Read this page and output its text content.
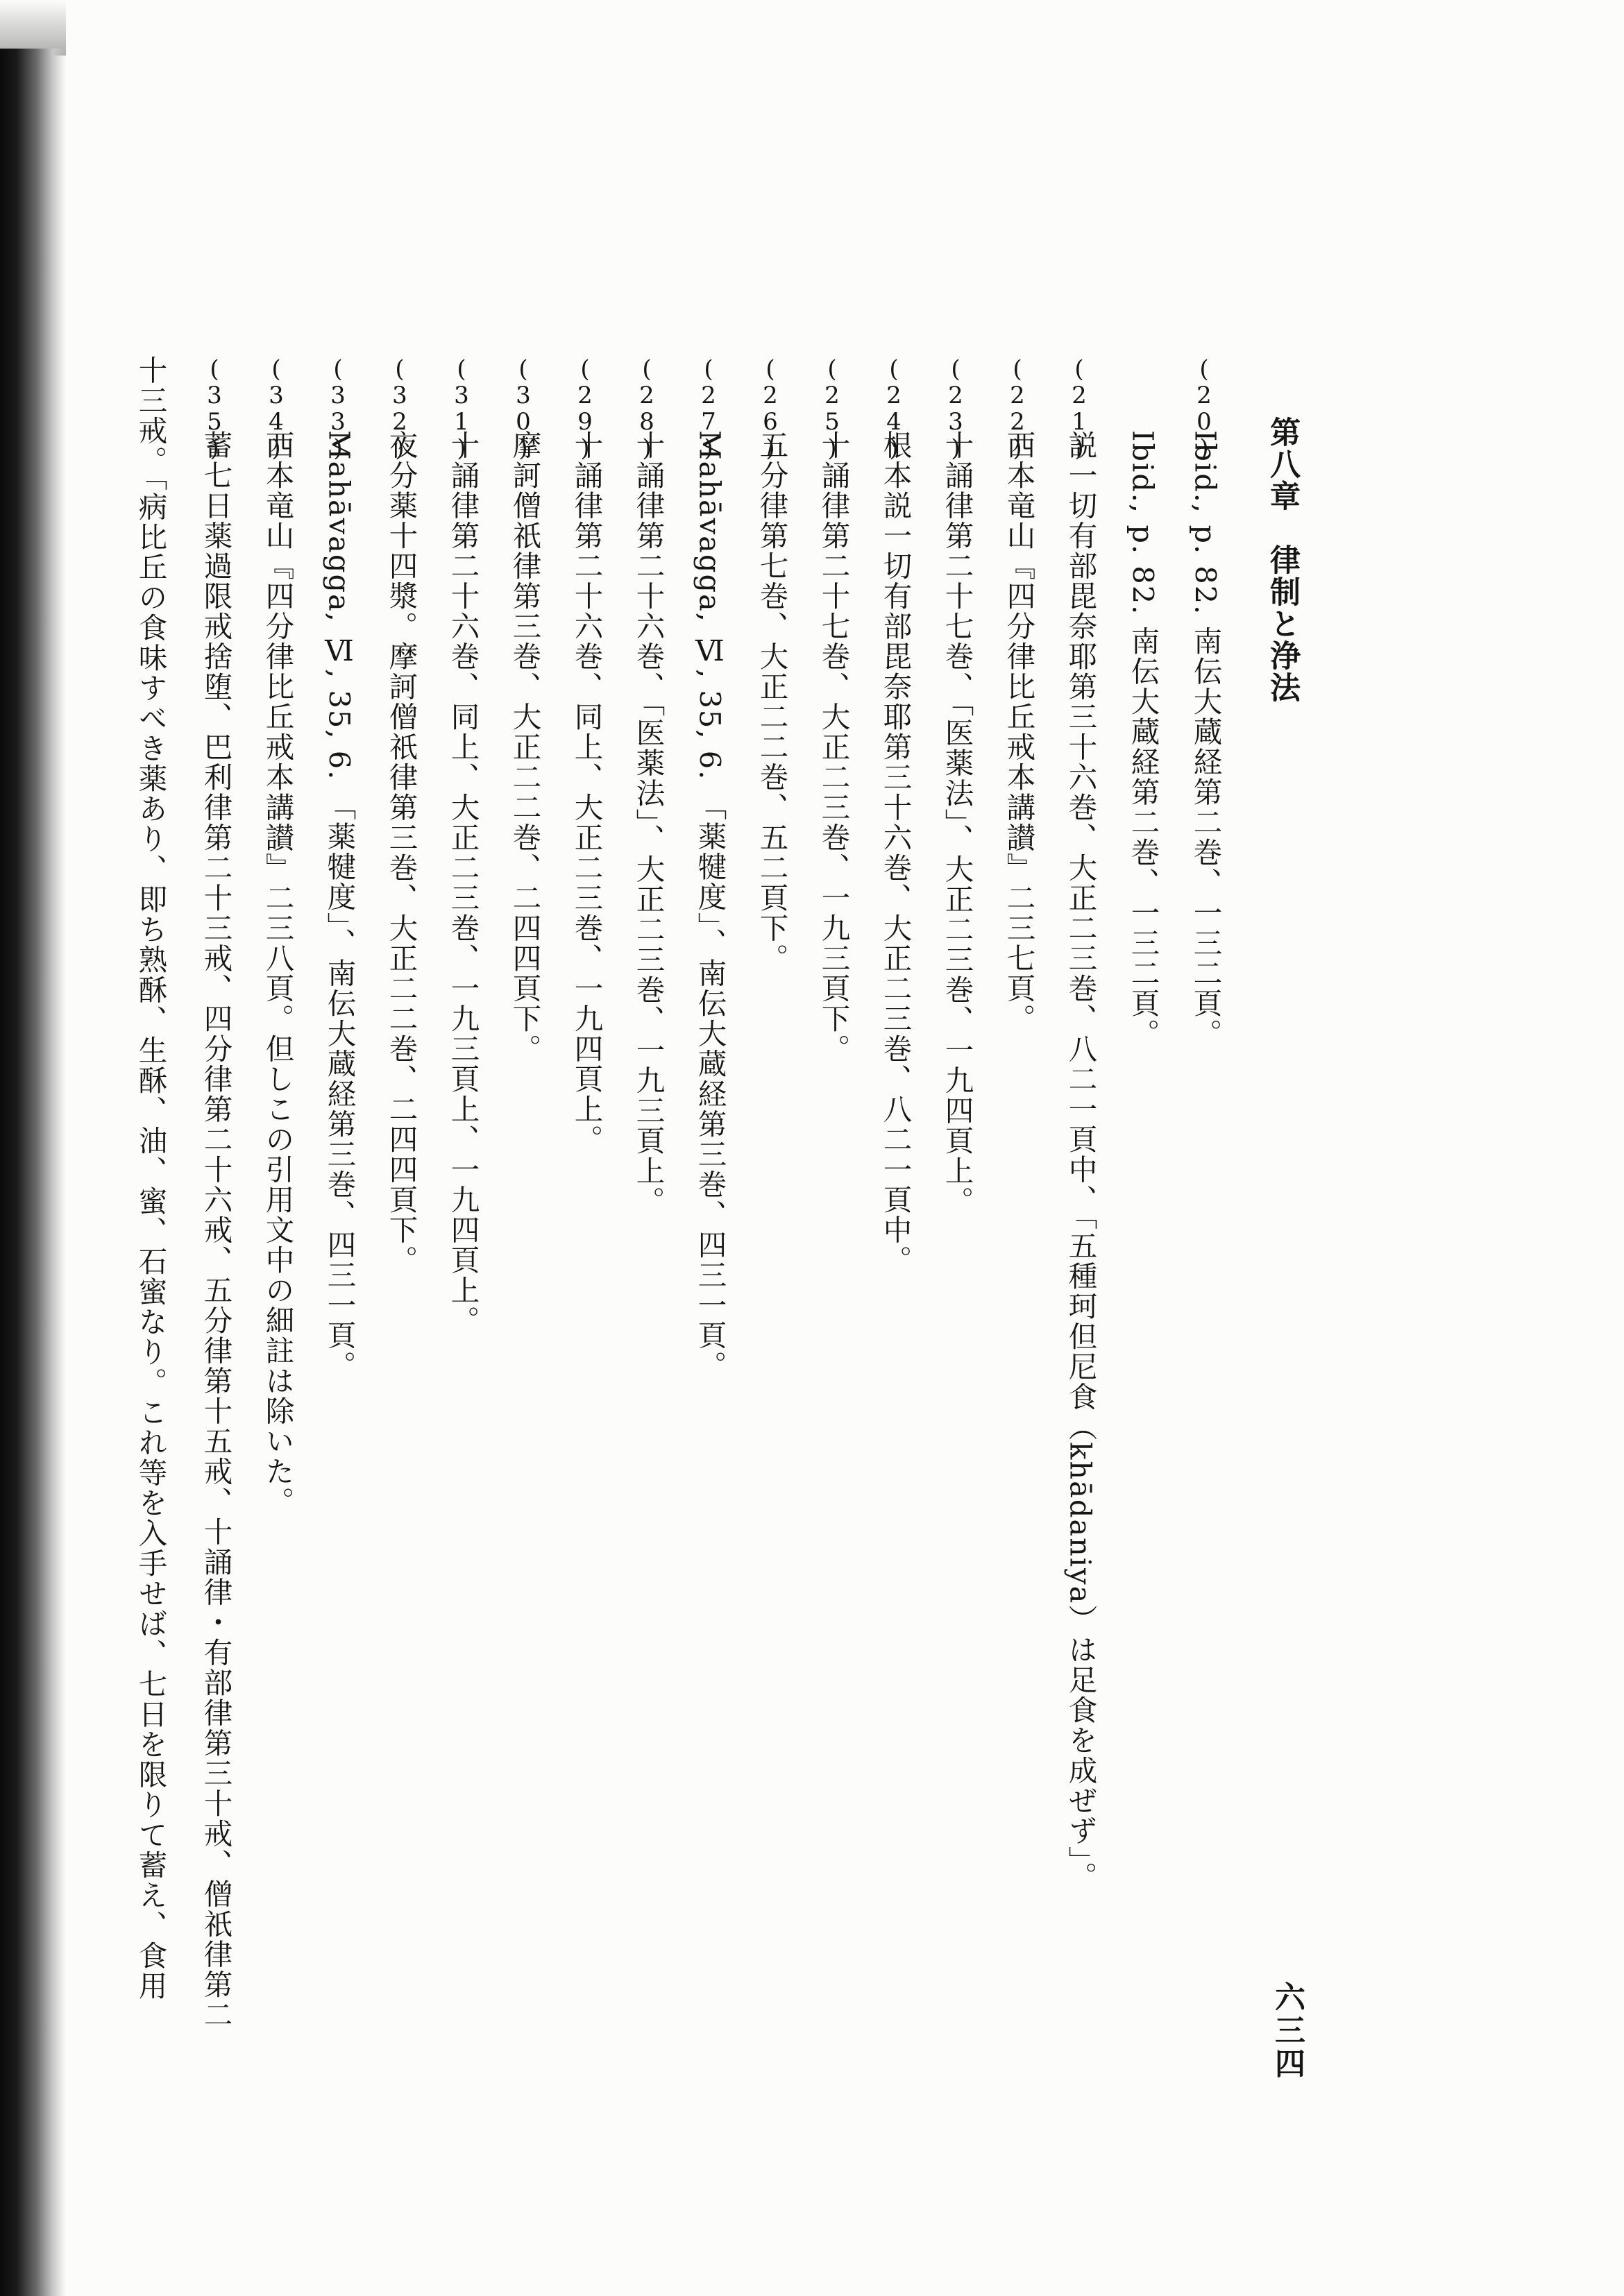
第八章　律制と浄法
六三四
(20)
Ibid., p. 82. 南伝大蔵経第二巻、一三二頁。
Ibid., p. 82. 南伝大蔵経第二巻、一三二頁。
(21)
説一切有部毘奈耶第三十六巻、大正二三巻、八二一頁中、「五種珂但尼食（khādaniya）は足食を成ぜず」。
(22)
西本竜山『四分律比丘戒本講讃』二三七頁。
(23)
十誦律第二十七巻、「医薬法」、大正二三巻、一九四頁上。
(24)
根本説一切有部毘奈耶第三十六巻、大正二三巻、八二一頁中。
(25)
十誦律第二十七巻、大正二三巻、一九三頁下。
(26)
五分律第七巻、大正二二巻、五二頁下。
(27)
Mahāvagga, Ⅵ, 35, 6. 「薬犍度」、南伝大蔵経第三巻、四三一頁。
(28)
十誦律第二十六巻、「医薬法」、大正二三巻、一九三頁上。
(29)
十誦律第二十六巻、同上、大正二三巻、一九四頁上。
(30)
摩訶僧祇律第三巻、大正二二巻、二四四頁下。
(31)
十誦律第二十六巻、同上、大正二三巻、一九三頁上、一九四頁上。
(32)
夜分薬十四漿。摩訶僧祇律第三巻、大正二二巻、二四四頁下。
(33)
Mahāvagga, Ⅵ, 35, 6. 「薬犍度」、南伝大蔵経第三巻、四三一頁。
(34)
西本竜山『四分律比丘戒本講讃』二三八頁。但しこの引用文中の細註は除いた。
(35)
蓄七日薬過限戒捨堕、巴利律第二十三戒、四分律第二十六戒、五分律第十五戒、十誦律・有部律第三十戒、僧祇律第二
十三戒。「病比丘の食味すべき薬あり、即ち熟酥、生酥、油、蜜、石蜜なり。これ等を入手せば、七日を限りて蓄え、食用
